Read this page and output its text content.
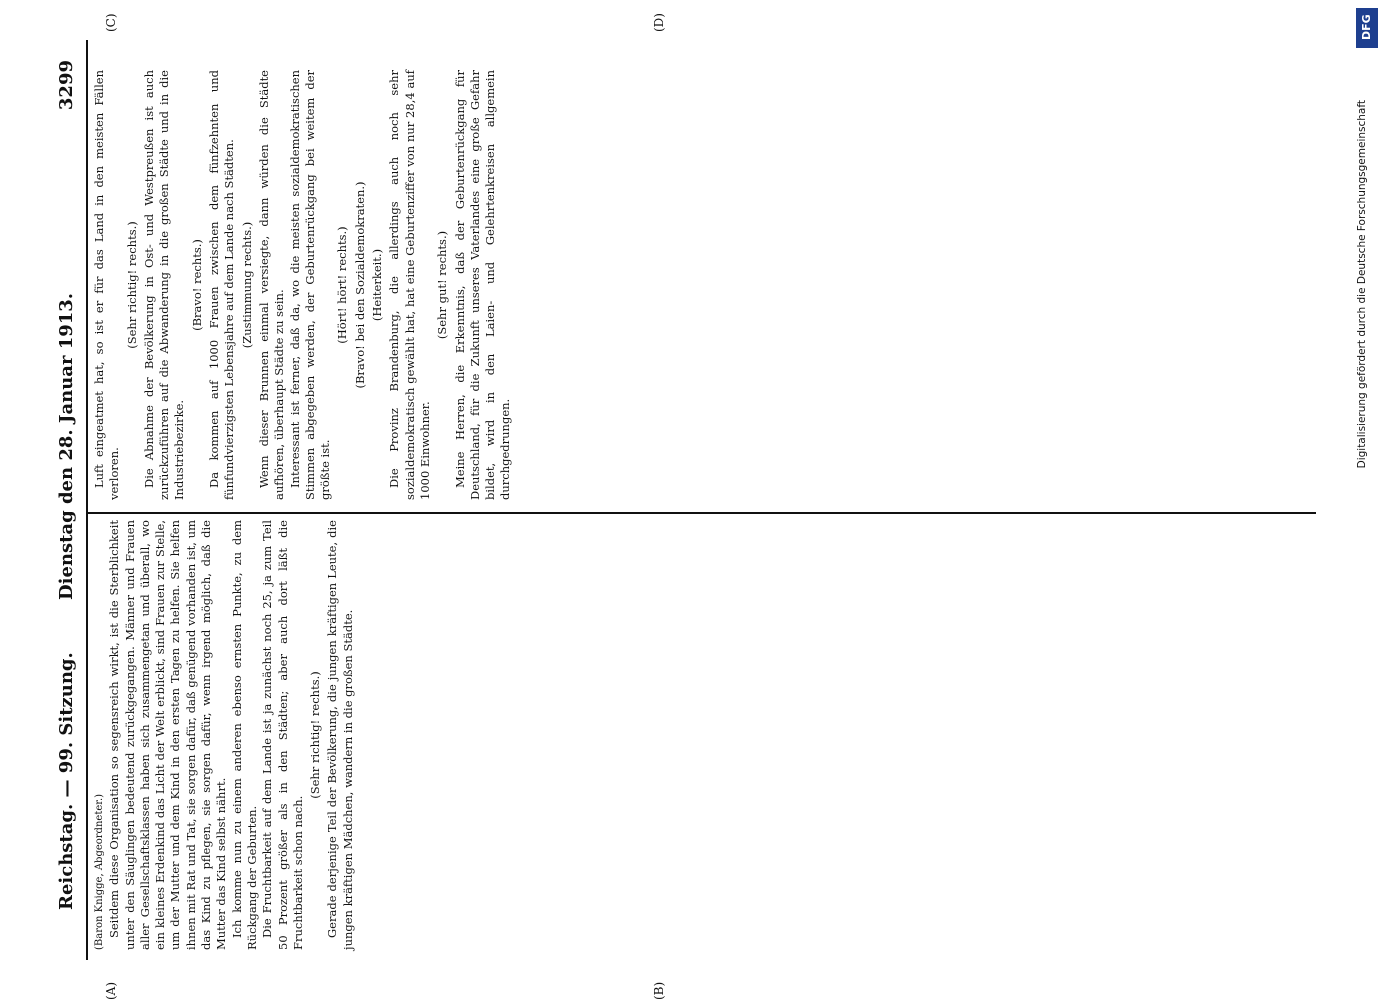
Reichstag. — 99. Sitzung.
Dienstag den 28. Januar 1913.
3299
(A)	(B)
(C)	(D)

(Baron Knigge, Abgeordneter.) Seitdem diese Organisation so segensreich wirkt, ist die Sterblichkeit unter den Säuglingen bedeutend zurückgegangen. Männer und Frauen aller Gesellschaftsklassen haben sich zusammengetan und überall, wo ein kleines Erdenkind das Licht der Welt erblickt, sind Frauen zur Stelle, um der Mutter und dem Kind in den ersten Tagen zu helfen. Sie helfen ihnen mit Rat und Tat, sie sorgen dafür, daß genügend vorhanden ist, um das Kind zu pflegen, sie sorgen dafür, wenn irgend möglich, daß die Mutter das Kind selbst nährt. Ich komme nun zu einem anderen ebenso ernsten Punkte, zu dem Rückgang der Geburten. Die Fruchtbarkeit auf dem Lande ist ja zunächst noch 25, ja zum Teil 50 Prozent größer als in den Städten; aber auch dort läßt die Fruchtbarkeit schon nach.

(Sehr richtig! rechts.) Gerade derjenige Teil der Bevölkerung, die jungen kräftigen Leute, die jungen kräftigen Mädchen, wandern in die großen Städte.

Luft eingeatmet hat, so ist er für das Land in den meisten Fällen verloren.

(Sehr richtig! rechts.) Die Abnahme der Bevölkerung in Ost- und Westpreußen ist auch zurückzuführen auf die Abwanderung in die großen Städte und in die Industriebezirke.

(Bravo! rechts.) Da kommen auf 1000 Frauen zwischen dem fünfzehnten und fünfundvierzigsten Lebensjahre auf dem Lande nach Städten. (Zustimmung rechts.) Wenn dieser Brunnen einmal versiegte, dann würden die Städte aufhören, überhaupt Städte zu sein. Interessant ist ferner, daß da, wo die meisten sozialdemokratischen Stimmen abgegeben werden, der Geburtenrückgang bei weitem der größte ist.

(Hört! hört! rechts.) (Bravo! bei den Sozialdemokraten.) (Heiterkeit.) Die Provinz Brandenburg, die allerdings auch noch sehr sozialdemokratisch gewählt hat, hat eine Geburtenziffer von nur 28,4 auf 1000 Einwohner.

(Sehr gut! rechts.) Meine Herren, die Erkenntnis, daß der Geburtenrückgang für Deutschland, für die Zukunft unseres Vaterlandes eine große Gefahr bildet, wird in den Laien- und Gelehrtenkreisen allgemein durchgedrungen.

DFG
Digitalisierung gefördert durch die Deutsche Forschungsgemeinschaft
